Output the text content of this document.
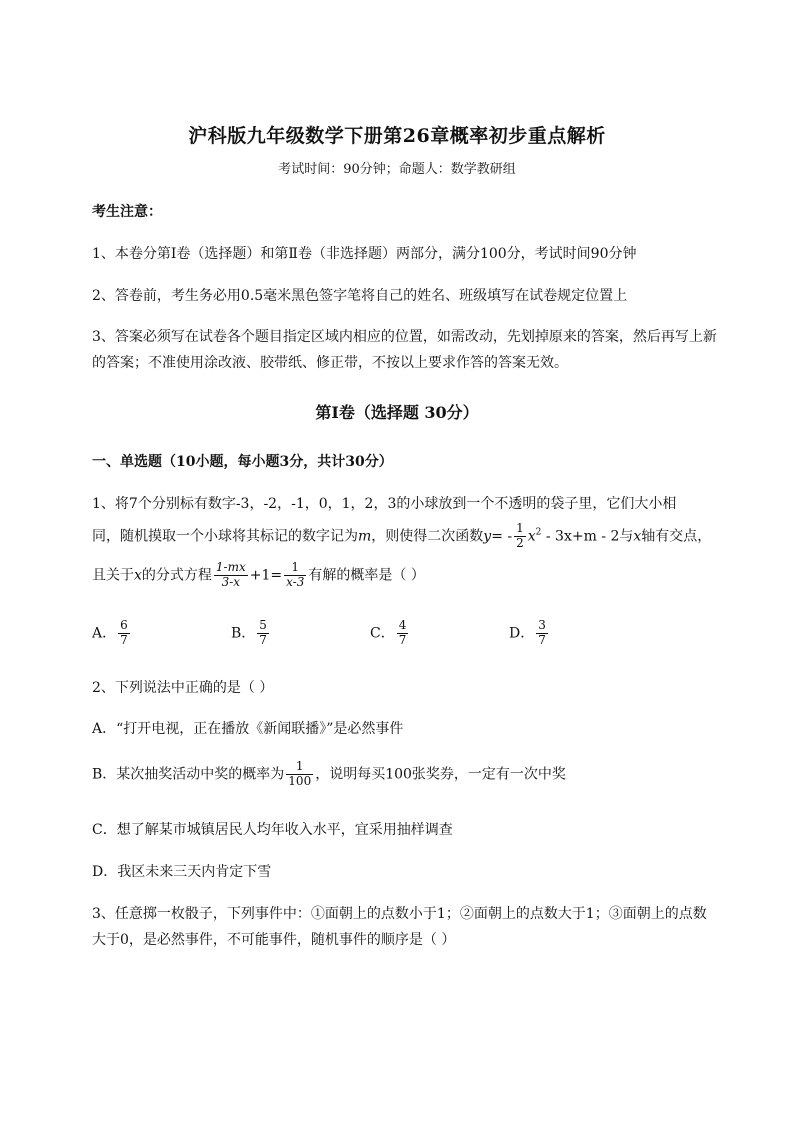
沪科版九年级数学下册第26章概率初步重点解析
考试时间：90分钟；命题人：数学教研组
考生注意：
1、本卷分第I卷（选择题）和第Ⅱ卷（非选择题）两部分，满分100分，考试时间90分钟
2、答卷前，考生务必用0.5毫米黑色签字笔将自己的姓名、班级填写在试卷规定位置上
3、答案必须写在试卷各个题目指定区域内相应的位置，如需改动，先划掉原来的答案，然后再写上新
的答案；不准使用涂改液、胶带纸、修正带，不按以上要求作答的答案无效。
第I卷（选择题 30分）
一、单选题（10小题，每小题3分，共计30分）
1、将7个分别标有数字-3，-2，-1，0，1，2，3的小球放到一个不透明的袋子里，它们大小相
同，随机摸取一个小球将其标记的数字记为m，则使得二次函数$y= - \frac{1}{2} x^2 - 3x+m - 2$与x轴有交点，
且关于x的分式方程 $\frac{1-mx}{3-x} +1= \frac{1}{x-3}$ 有解的概率是（ ）
A． $\frac{6}{7}$	B． $\frac{5}{7}$	C． $\frac{4}{7}$	D． $\frac{3}{7}$
2、下列说法中正确的是（ ）
A．“打开电视，正在播放《新闻联播》”是必然事件
B．某次抽奖活动中奖的概率为 $\frac{1}{100}$ ，说明每买100张奖券，一定有一次中奖
C．想了解某市城镇居民人均年收入水平，宜采用抽样调查
D．我区未来三天内肯定下雪
3、任意掷一枚骰子，下列事件中：①面朝上的点数小于1；②面朝上的点数大于1；③面朝上的点数
大于0，是必然事件，不可能事件，随机事件的顺序是（ ）
